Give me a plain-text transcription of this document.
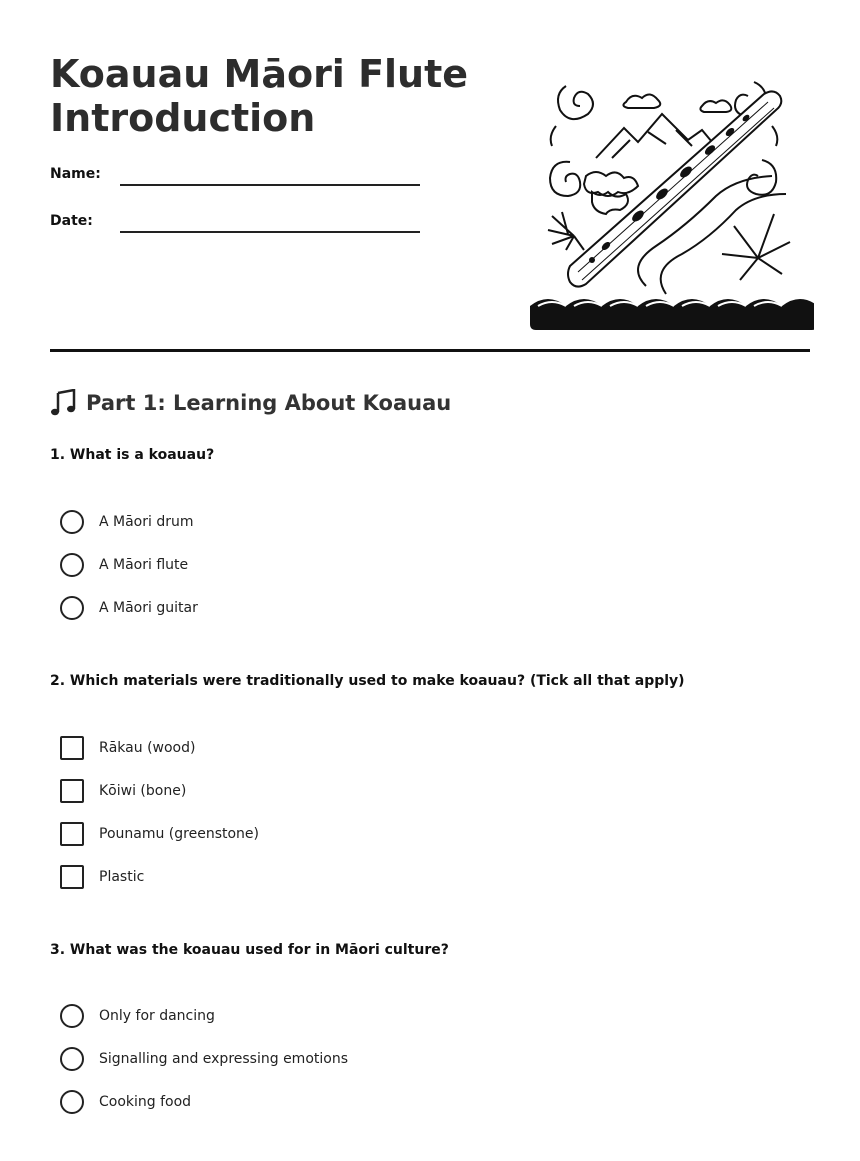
Koauau Māori Flute
Introduction
Name:
Date:
Part 1: Learning About Koauau

1. What is a koauau?

A Māori drum
A Māori flute
A Māori guitar

2. Which materials were traditionally used to make koauau? (Tick all that apply)

Rākau (wood)
Kōiwi (bone)
Pounamu (greenstone)
Plastic

3. What was the koauau used for in Māori culture?

Only for dancing
Signalling and expressing emotions
Cooking food
